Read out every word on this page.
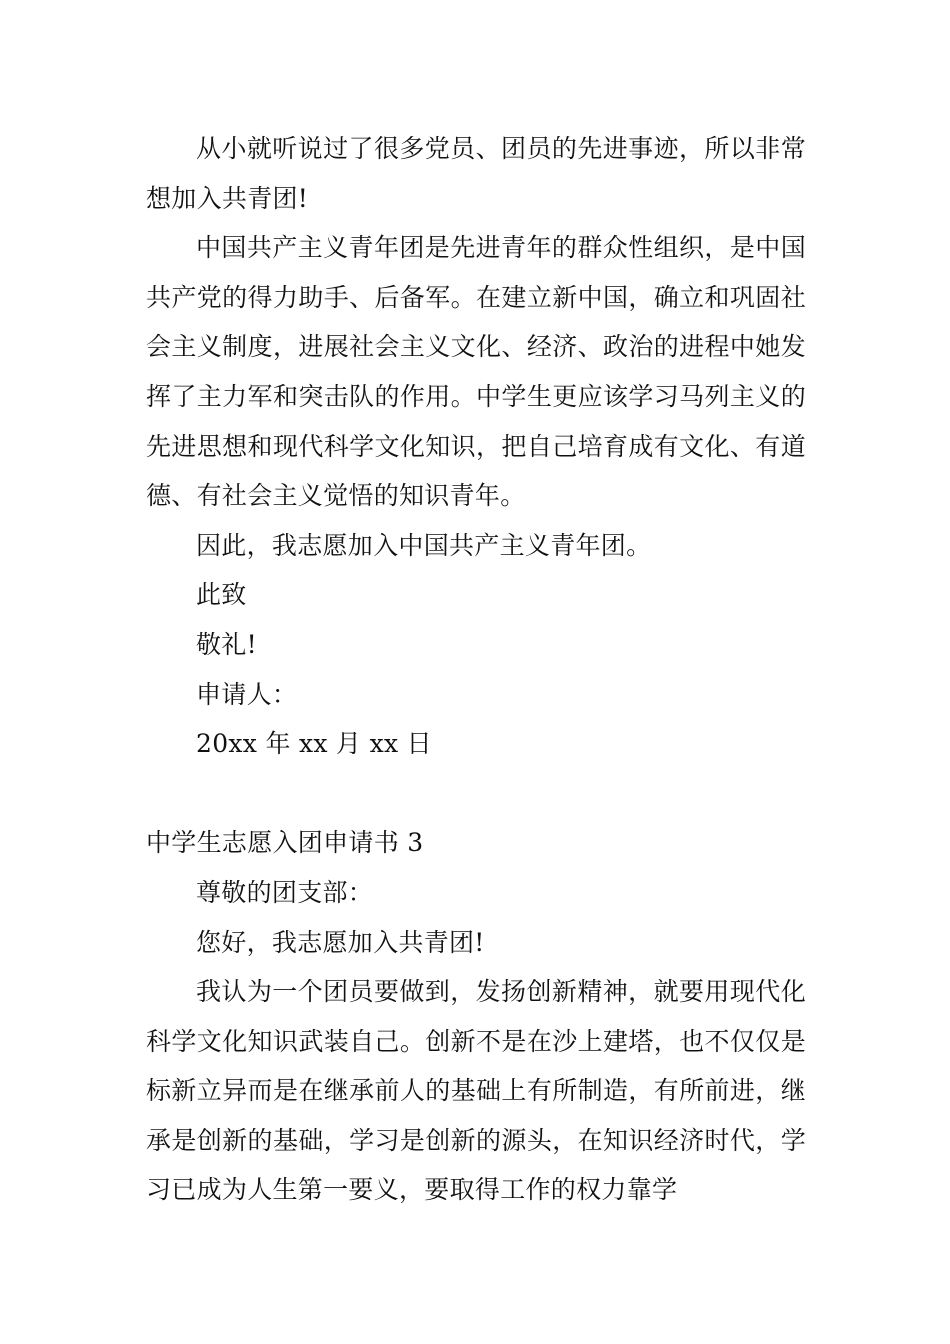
从小就听说过了很多党员、团员的先进事迹，所以非常想加入共青团!

中国共产主义青年团是先进青年的群众性组织，是中国共产党的得力助手、后备军。在建立新中国，确立和巩固社会主义制度，进展社会主义文化、经济、政治的进程中她发挥了主力军和突击队的作用。中学生更应该学习马列主义的先进思想和现代科学文化知识，把自己培育成有文化、有道德、有社会主义觉悟的知识青年。

因此，我志愿加入中国共产主义青年团。

此致

敬礼!

申请人：

20xx 年 xx 月 xx 日

中学生志愿入团申请书 3

尊敬的团支部：

您好，我志愿加入共青团!

我认为一个团员要做到，发扬创新精神，就要用现代化科学文化知识武装自己。创新不是在沙上建塔，也不仅仅是标新立异而是在继承前人的基础上有所制造，有所前进，继承是创新的基础，学习是创新的源头，在知识经济时代，学习已成为人生第一要义，要取得工作的权力靠学
